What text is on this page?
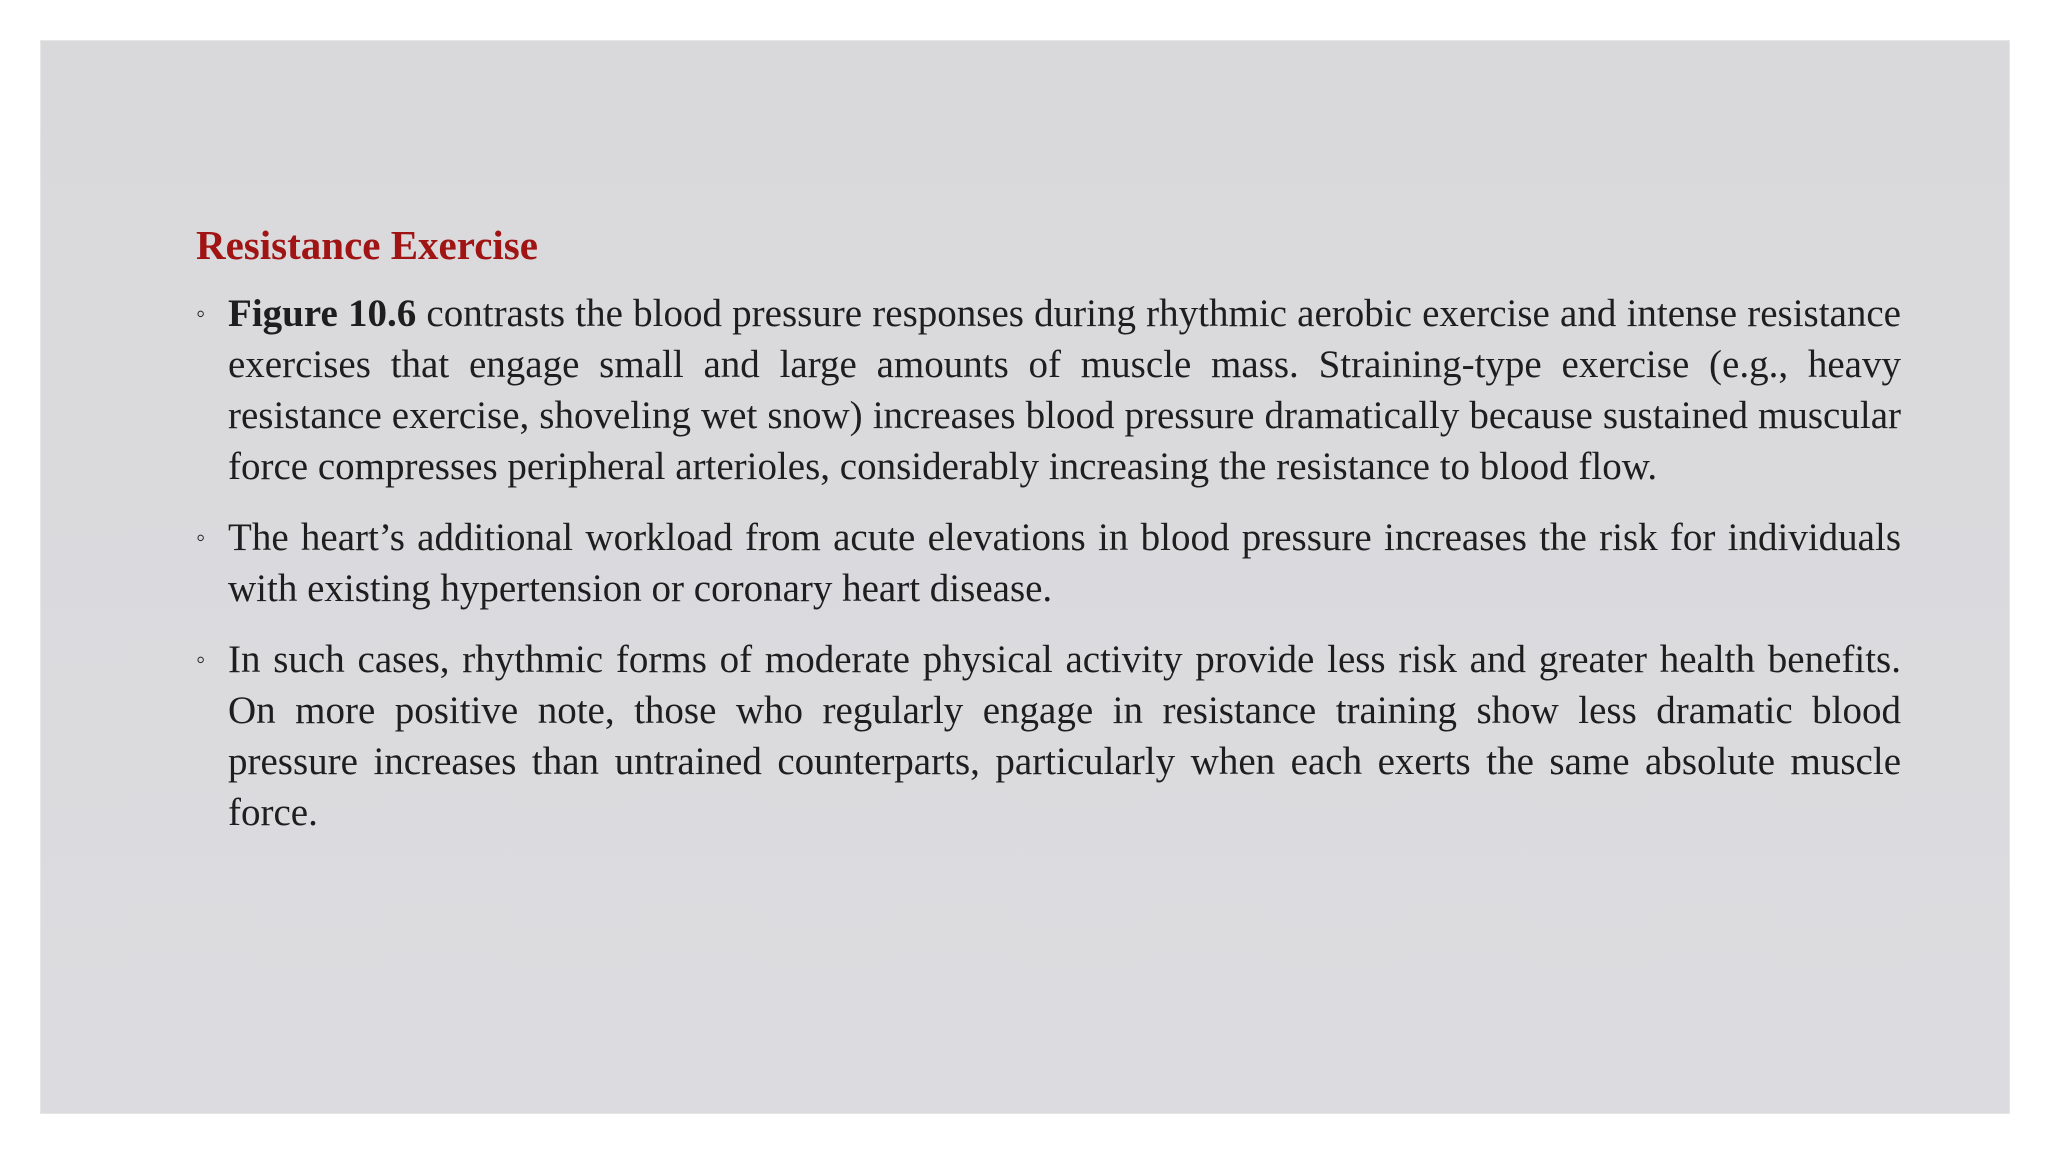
Resistance Exercise
◦ Figure 10.6 contrasts the blood pressure responses during rhythmic aerobic exercise and intense resistance exercises that engage small and large amounts of muscle mass. Straining-type exercise (e.g., heavy resistance exercise, shoveling wet snow) increases blood pressure dramatically because sustained muscular force compresses peripheral arterioles, considerably increasing the resistance to blood flow.
◦ The heart’s additional workload from acute elevations in blood pressure increases the risk for individuals with existing hypertension or coronary heart disease.
◦ In such cases, rhythmic forms of moderate physical activity provide less risk and greater health benefits. On more positive note, those who regularly engage in resistance training show less dramatic blood pressure increases than untrained counterparts, particularly when each exerts the same absolute muscle force.
